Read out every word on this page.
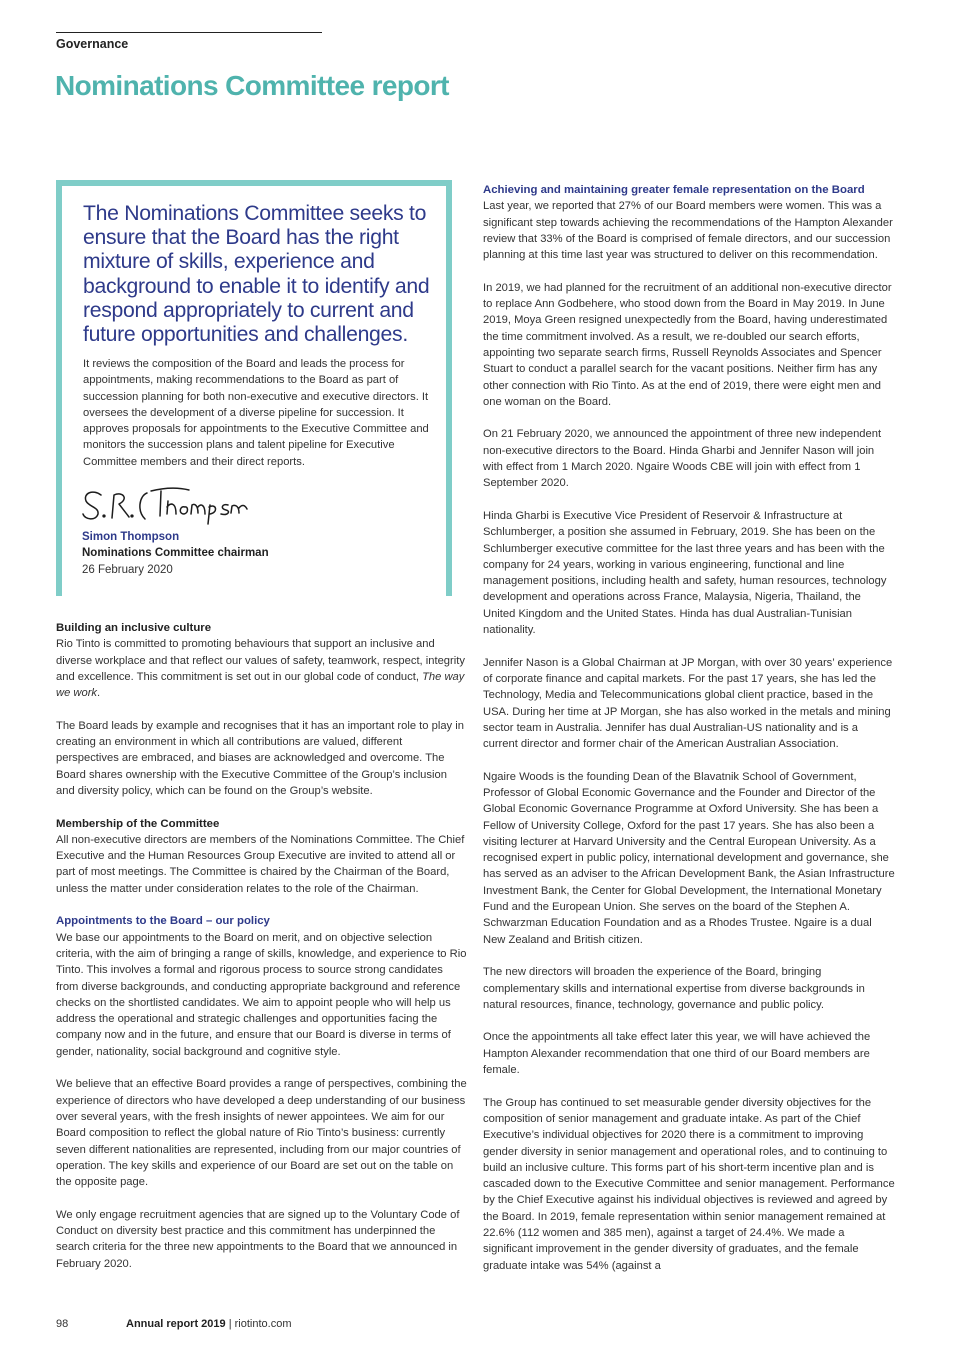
Governance
Nominations Committee report
The Nominations Committee seeks to ensure that the Board has the right mixture of skills, experience and background to enable it to identify and respond appropriately to current and future opportunities and challenges.
It reviews the composition of the Board and leads the process for appointments, making recommendations to the Board as part of succession planning for both non-executive and executive directors. It oversees the development of a diverse pipeline for succession. It approves proposals for appointments to the Executive Committee and monitors the succession plans and talent pipeline for Executive Committee members and their direct reports.
Simon Thompson
Nominations Committee chairman
26 February 2020
Building an inclusive culture

Rio Tinto is committed to promoting behaviours that support an inclusive and diverse workplace and that reflect our values of safety, teamwork, respect, integrity and excellence. This commitment is set out in our global code of conduct, The way we work.

The Board leads by example and recognises that it has an important role to play in creating an environment in which all contributions are valued, different perspectives are embraced, and biases are acknowledged and overcome. The Board shares ownership with the Executive Committee of the Group’s inclusion and diversity policy, which can be found on the Group’s website.

Membership of the Committee

All non-executive directors are members of the Nominations Committee. The Chief Executive and the Human Resources Group Executive are invited to attend all or part of most meetings. The Committee is chaired by the Chairman of the Board, unless the matter under consideration relates to the role of the Chairman.

Appointments to the Board – our policy

We base our appointments to the Board on merit, and on objective selection criteria, with the aim of bringing a range of skills, knowledge, and experience to Rio Tinto. This involves a formal and rigorous process to source strong candidates from diverse backgrounds, and conducting appropriate background and reference checks on the shortlisted candidates. We aim to appoint people who will help us address the operational and strategic challenges and opportunities facing the company now and in the future, and ensure that our Board is diverse in terms of gender, nationality, social background and cognitive style.

We believe that an effective Board provides a range of perspectives, combining the experience of directors who have developed a deep understanding of our business over several years, with the fresh insights of newer appointees. We aim for our Board composition to reflect the global nature of Rio Tinto’s business: currently seven different nationalities are represented, including from our major countries of operation. The key skills and experience of our Board are set out on the table on the opposite page.

We only engage recruitment agencies that are signed up to the Voluntary Code of Conduct on diversity best practice and this commitment has underpinned the search criteria for the three new appointments to the Board that we announced in February 2020.

Achieving and maintaining greater female representation on the Board

Last year, we reported that 27% of our Board members were women. This was a significant step towards achieving the recommendations of the Hampton Alexander review that 33% of the Board is comprised of female directors, and our succession planning at this time last year was structured to deliver on this recommendation.

In 2019, we had planned for the recruitment of an additional non-executive director to replace Ann Godbehere, who stood down from the Board in May 2019. In June 2019, Moya Green resigned unexpectedly from the Board, having underestimated the time commitment involved. As a result, we re-doubled our search efforts, appointing two separate search firms, Russell Reynolds Associates and Spencer Stuart to conduct a parallel search for the vacant positions. Neither firm has any other connection with Rio Tinto. As at the end of 2019, there were eight men and one woman on the Board.

On 21 February 2020, we announced the appointment of three new independent non-executive directors to the Board. Hinda Gharbi and Jennifer Nason will join with effect from 1 March 2020. Ngaire Woods CBE will join with effect from 1 September 2020.

Hinda Gharbi is Executive Vice President of Reservoir & Infrastructure at Schlumberger, a position she assumed in February, 2019. She has been on the Schlumberger executive committee for the last three years and has been with the company for 24 years, working in various engineering, functional and line management positions, including health and safety, human resources, technology development and operations across France, Malaysia, Nigeria, Thailand, the United Kingdom and the United States. Hinda has dual Australian-Tunisian nationality.

Jennifer Nason is a Global Chairman at JP Morgan, with over 30 years’ experience of corporate finance and capital markets. For the past 17 years, she has led the Technology, Media and Telecommunications global client practice, based in the USA. During her time at JP Morgan, she has also worked in the metals and mining sector team in Australia. Jennifer has dual Australian-US nationality and is a current director and former chair of the American Australian Association.

Ngaire Woods is the founding Dean of the Blavatnik School of Government, Professor of Global Economic Governance and the Founder and Director of the Global Economic Governance Programme at Oxford University. She has been a Fellow of University College, Oxford for the past 17 years. She has also been a visiting lecturer at Harvard University and the Central European University. As a recognised expert in public policy, international development and governance, she has served as an adviser to the African Development Bank, the Asian Infrastructure Investment Bank, the Center for Global Development, the International Monetary Fund and the European Union. She serves on the board of the Stephen A. Schwarzman Education Foundation and as a Rhodes Trustee. Ngaire is a dual New Zealand and British citizen.

The new directors will broaden the experience of the Board, bringing complementary skills and international expertise from diverse backgrounds in natural resources, finance, technology, governance and public policy.

Once the appointments all take effect later this year, we will have achieved the Hampton Alexander recommendation that one third of our Board members are female.

The Group has continued to set measurable gender diversity objectives for the composition of senior management and graduate intake. As part of the Chief Executive’s individual objectives for 2020 there is a commitment to improving gender diversity in senior management and operational roles, and to continuing to build an inclusive culture. This forms part of his short-term incentive plan and is cascaded down to the Executive Committee and senior management. Performance by the Chief Executive against his individual objectives is reviewed and agreed by the Board. In 2019, female representation within senior management remained at 22.6% (112 women and 385 men), against a target of 24.4%. We made a significant improvement in the gender diversity of graduates, and the female graduate intake was 54% (against a

98	Annual report 2019 | riotinto.com
